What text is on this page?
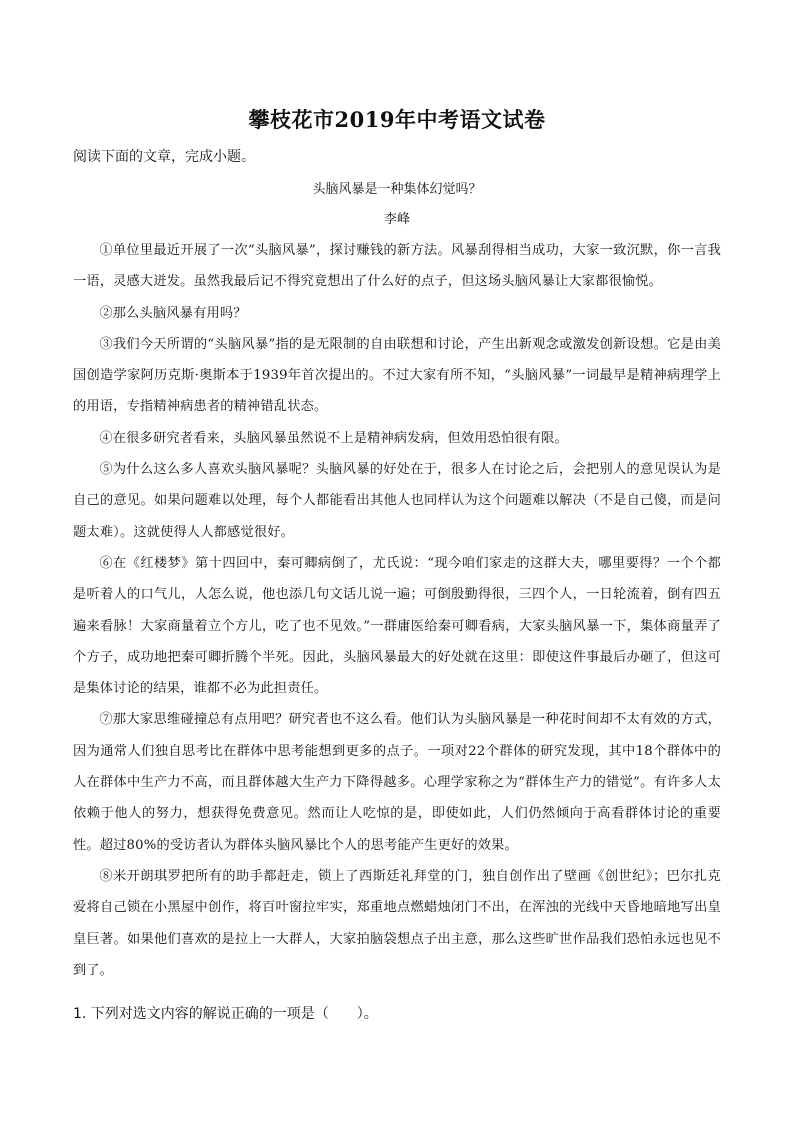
攀枝花市2019年中考语文试卷
阅读下面的文章，完成小题。
头脑风暴是一种集体幻觉吗？
李峰

①单位里最近开展了一次“头脑风暴”，探讨赚钱的新方法。风暴刮得相当成功，大家一致沉默，你一言我一语，灵感大迸发。虽然我最后记不得究竟想出了什么好的点子，但这场头脑风暴让大家都很愉悦。

②那么头脑风暴有用吗？

③我们今天所谓的“头脑风暴”指的是无限制的自由联想和讨论，产生出新观念或激发创新设想。它是由美国创造学家阿历克斯·奥斯本于1939年首次提出的。不过大家有所不知，“头脑风暴”一词最早是精神病理学上的用语，专指精神病患者的精神错乱状态。

④在很多研究者看来，头脑风暴虽然说不上是精神病发病，但效用恐怕很有限。

⑤为什么这么多人喜欢头脑风暴呢？头脑风暴的好处在于，很多人在讨论之后，会把别人的意见误认为是自己的意见。如果问题难以处理，每个人都能看出其他人也同样认为这个问题难以解决（不是自己傻，而是问题太难）。这就使得人人都感觉很好。

⑥在《红楼梦》第十四回中，秦可卿病倒了，尤氏说：“现今咱们家走的这群大夫，哪里要得？一个个都是听着人的口气儿，人怎么说，他也添几句文话儿说一遍；可倒殷勤得很，三四个人，一日轮流着，倒有四五遍来看脉！大家商量着立个方儿，吃了也不见效。”一群庸医给秦可卿看病，大家头脑风暴一下，集体商量弄了个方子，成功地把秦可卿折腾个半死。因此，头脑风暴最大的好处就在这里：即使这件事最后办砸了，但这可是集体讨论的结果，谁都不必为此担责任。

⑦那大家思维碰撞总有点用吧？研究者也不这么看。他们认为头脑风暴是一种花时间却不太有效的方式，因为通常人们独自思考比在群体中思考能想到更多的点子。一项对22个群体的研究发现，其中18个群体中的人在群体中生产力不高，而且群体越大生产力下降得越多。心理学家称之为“群体生产力的错觉”。有许多人太依赖于他人的努力，想获得免费意见。然而让人吃惊的是，即使如此，人们仍然倾向于高看群体讨论的重要性。超过80%的受访者认为群体头脑风暴比个人的思考能产生更好的效果。

⑧米开朗琪罗把所有的助手都赶走，锁上了西斯廷礼拜堂的门，独自创作出了壁画《创世纪》；巴尔扎克爱将自己锁在小黑屋中创作，将百叶窗拉牢实，郑重地点燃蜡烛闭门不出，在浑浊的光线中天昏地暗地写出皇皇巨著。如果他们喜欢的是拉上一大群人，大家拍脑袋想点子出主意，那么这些旷世作品我们恐怕永远也见不到了。

1. 下列对选文内容的解说正确的一项是（　　）。
